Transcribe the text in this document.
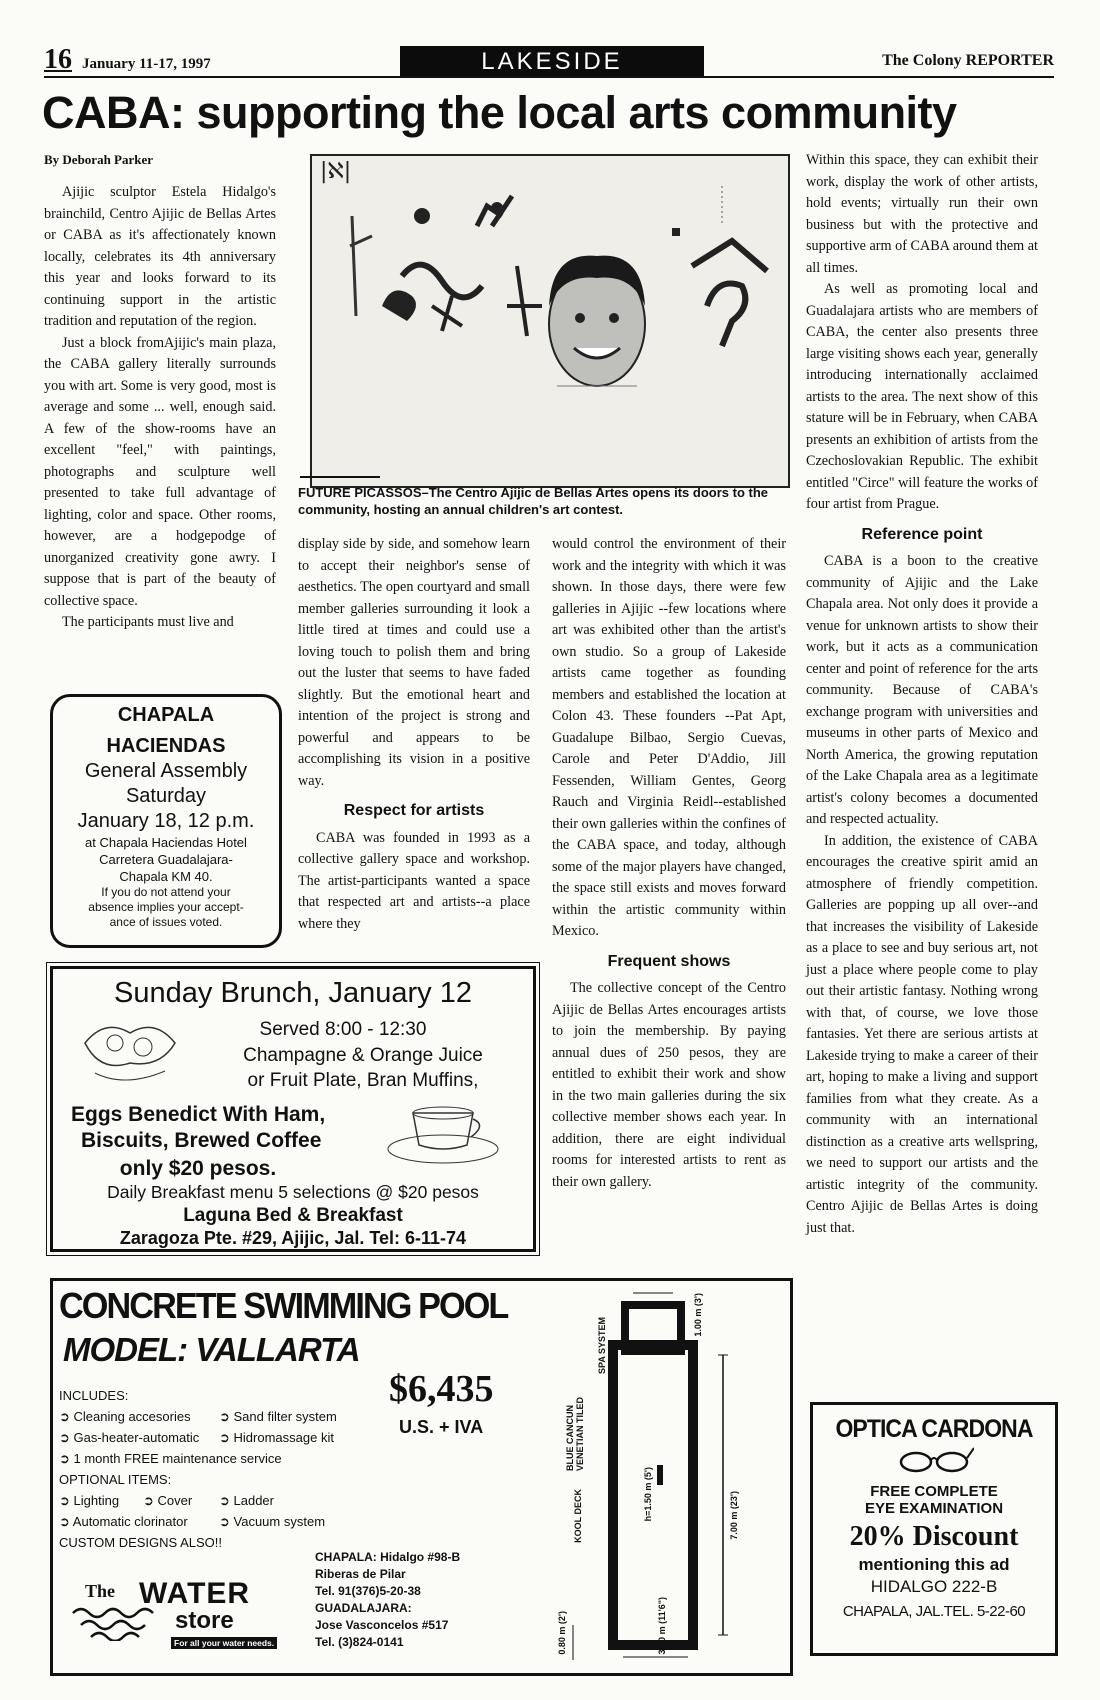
16 January 11-17, 1997	LAKESIDE	The Colony REPORTER
CABA: supporting the local arts community
By Deborah Parker

Ajijic sculptor Estela Hidalgo's brainchild, Centro Ajijic de Bellas Artes or CABA as it's affectionately known locally, celebrates its 4th anniversary this year and looks forward to its continuing support in the artistic tradition and reputation of the region.

Just a block fromAjijic's main plaza, the CABA gallery literally surrounds you with art. Some is very good, most is average and some ... well, enough said. A few of the show-rooms have an excellent "feel," with paintings, photographs and sculpture well presented to take full advantage of lighting, color and space. Other rooms, however, are a hodgepodge of unorganized creativity gone awry. I suppose that is part of the beauty of collective space.

The participants must live and

|ℵ|
FUTURE PICASSOS–The Centro Ajijic de Bellas Artes opens its doors to the community, hosting an annual children's art contest.

display side by side, and somehow learn to accept their neighbor's sense of aesthetics. The open courtyard and small member galleries surrounding it look a little tired at times and could use a loving touch to polish them and bring out the luster that seems to have faded slightly. But the emotional heart and intention of the project is strong and powerful and appears to be accomplishing its vision in a positive way.

Respect for artists

CABA was founded in 1993 as a collective gallery space and workshop. The artist-participants wanted a space that respected art and artists--a place where they

would control the environment of their work and the integrity with which it was shown. In those days, there were few galleries in Ajijic --few locations where art was exhibited other than the artist's own studio. So a group of Lakeside artists came together as founding members and established the location at Colon 43. These founders --Pat Apt, Guadalupe Bilbao, Sergio Cuevas, Carole and Peter D'Addio, Jill Fessenden, William Gentes, Georg Rauch and Virginia Reidl--established their own galleries within the confines of the CABA space, and today, although some of the major players have changed, the space still exists and moves forward within the artistic community within Mexico.

Frequent shows

The collective concept of the Centro Ajijic de Bellas Artes encourages artists to join the membership. By paying annual dues of 250 pesos, they are entitled to exhibit their work and show in the two main galleries during the six collective member shows each year. In addition, there are eight individual rooms for interested artists to rent as their own gallery.

Within this space, they can exhibit their work, display the work of other artists, hold events; virtually run their own business but with the protective and supportive arm of CABA around them at all times.

As well as promoting local and Guadalajara artists who are members of CABA, the center also presents three large visiting shows each year, generally introducing internationally acclaimed artists to the area. The next show of this stature will be in February, when CABA presents an exhibition of artists from the Czechoslovakian Republic. The exhibit entitled "Circe" will feature the works of four artist from Prague.

Reference point

CABA is a boon to the creative community of Ajijic and the Lake Chapala area. Not only does it provide a venue for unknown artists to show their work, but it acts as a communication center and point of reference for the arts community. Because of CABA's exchange program with universities and museums in other parts of Mexico and North America, the growing reputation of the Lake Chapala area as a legitimate artist's colony becomes a documented and respected actuality.

In addition, the existence of CABA encourages the creative spirit amid an atmosphere of friendly competition. Galleries are popping up all over--and that increases the visibility of Lakeside as a place to see and buy serious art, not just a place where people come to play out their artistic fantasy. Nothing wrong with that, of course, we love those fantasies. Yet there are serious artists at Lakeside trying to make a career of their art, hoping to make a living and support families from what they create. As a community with an international distinction as a creative arts wellspring, we need to support our artists and the artistic integrity of the community. Centro Ajijic de Bellas Artes is doing just that.

CHAPALA
HACIENDAS
General Assembly
Saturday
January 18, 12 p.m.
at Chapala Haciendas Hotel
Carretera Guadalajara-
Chapala KM 40.
If you do not attend your
absence implies your accept-
ance of issues voted.
Sunday Brunch, January 12
Served 8:00 - 12:30
Champagne & Orange Juice
or Fruit Plate, Bran Muffins,
Eggs Benedict With Ham,
Biscuits, Brewed Coffee
only $20 pesos.
Daily Breakfast menu 5 selections @ $20 pesos
Laguna Bed & Breakfast
Zaragoza Pte. #29, Ajijic, Jal. Tel: 6-11-74
CONCRETE SWIMMING POOL
MODEL: VALLARTA
$6,435
U.S. + IVA
INCLUDES:
➲ Cleaning accesories ➲ Sand filter system
➲ Gas-heater-automatic ➲ Hidromassage kit
➲ 1 month FREE maintenance service
OPTIONAL ITEMS:
➲ Lighting ➲ Cover ➲ Ladder
➲ Automatic clorinator ➲ Vacuum system
CUSTOM DESIGNS ALSO!!
The WATER
store
For all your water needs.
CHAPALA: Hidalgo #98-B
Riberas de Pilar
Tel. 91(376)5-20-38
GUADALAJARA:
Jose Vasconcelos #517
Tel. (3)824-0141
1.00 m (3')
SPA SYSTEM
BLUE CANCUN VENETIAN TILED
KOOL DECK	h=1.50 m (5')	7.00 m (23')
0.80 m (2')	3.50 m (11'6")
OPTICA CARDONA
FREE COMPLETE
EYE EXAMINATION
20% Discount
mentioning this ad
HIDALGO 222-B
CHAPALA, JAL.TEL. 5-22-60
